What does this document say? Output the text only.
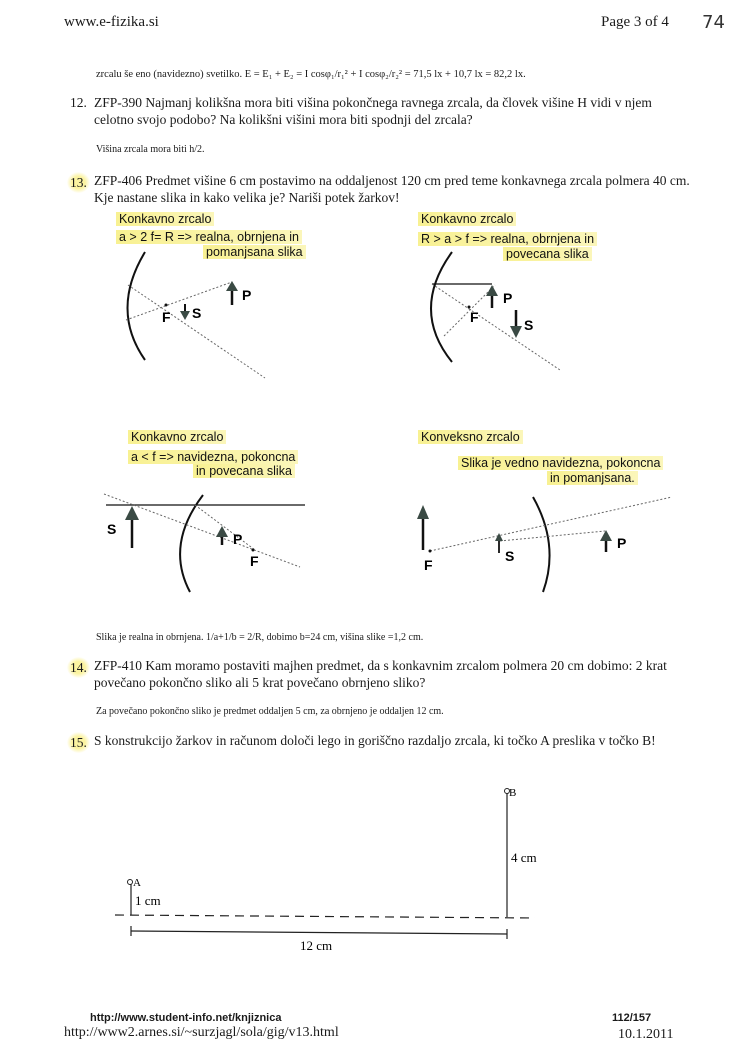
www.e-fizika.si	Page 3 of 4 74
zrcalu še eno (navidezno) svetilko. E = E₁ + E₂ = I cosφ₁/r₁² + I cosφ₂/r₂² = 71,5 lx + 10,7 lx = 82,2 lx.
12. ZFP-390 Najmanj kolikšna mora biti višina pokončnega ravnega zrcala, da človek višine H vidi v njem celotno svojo podobo? Na kolikšni višini mora biti spodnji del zrcala?
Višina zrcala mora biti h/2.
13. ZFP-406 Predmet višine 6 cm postavimo na oddaljenost 120 cm pred teme konkavnega zrcala polmera 40 cm. Kje nastane slika in kako velika je? Nariši potek žarkov!
Konkavno zrcalo
a > 2 f= R => realna, obrnjena in
pomanjsana slika
Konkavno zrcalo
R > a > f => realna, obrnjena in
povecana slika
Konkavno zrcalo
a < f => navidezna, pokoncna
in povecana slika
Konveksno zrcalo
Slika je vedno navidezna, pokoncna
in pomanjsana.
F S
P
F	S
P
S
P
F	F
S
P
A
B
1 cm
4 cm
12 cm
Slika je realna in obrnjena. 1/a+1/b = 2/R, dobimo b=24 cm, višina slike =1,2 cm.
14. ZFP-410 Kam moramo postaviti majhen predmet, da s konkavnim zrcalom polmera 20 cm dobimo: 2 krat povečano pokončno sliko ali 5 krat povečano obrnjeno sliko?
Za povečano pokončno sliko je predmet oddaljen 5 cm, za obrnjeno je oddaljen 12 cm.
15. S konstrukcijo žarkov in računom določi lego in goriščno razdaljo zrcala, ki točko A preslika v točko B!
http://www.student-info.net/knjiznica
http://www2.arnes.si/~surzjagl/sola/gig/v13.html
112/157
10.1.2011
